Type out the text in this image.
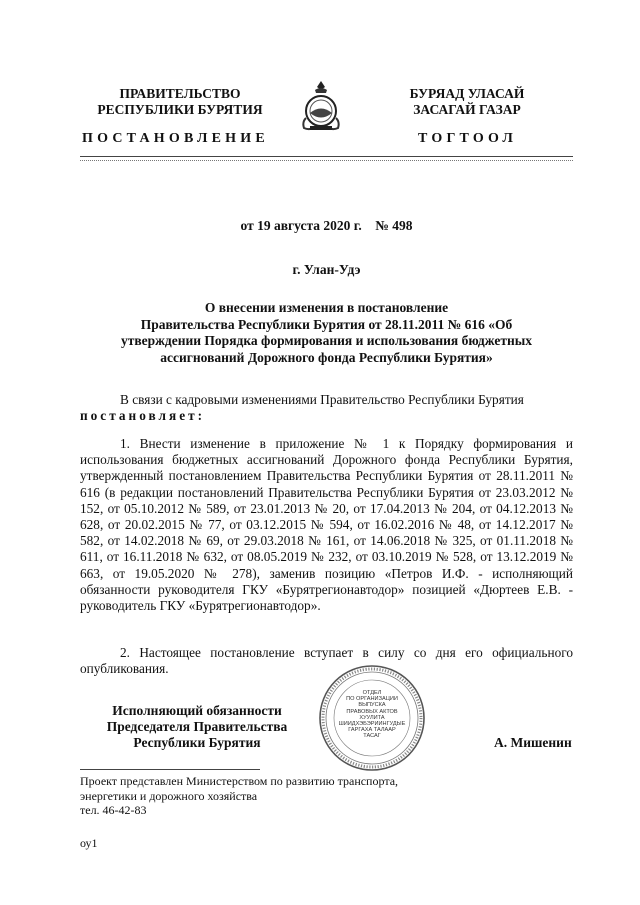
ПРАВИТЕЛЬСТВО
РЕСПУБЛИКИ БУРЯТИЯ
БУРЯАД УЛАСАЙ
ЗАСАГАЙ ГАЗАР
ПОСТАНОВЛЕНИЕ	ТОГТООЛ
от 19 августа 2020 г.    № 498
г. Улан-Удэ
О внесении изменения в постановление
Правительства Республики Бурятия от 28.11.2011 № 616 «Об
утверждении Порядка формирования и использования бюджетных
ассигнований Дорожного фонда Республики Бурятия»
В связи с кадровыми изменениями Правительство Республики Бурятия
постановляет:
1. Внести изменение в приложение № 1 к Порядку формирования и использования бюджетных ассигнований Дорожного фонда Республики Бурятия, утвержденный постановлением Правительства Республики Бурятия от 28.11.2011 № 616 (в редакции постановлений Правительства Республики Бурятия от 23.03.2012 № 152, от 05.10.2012 № 589, от 23.01.2013 № 20, от 17.04.2013 № 204, от 04.12.2013 № 628, от 20.02.2015 № 77, от 03.12.2015 № 594, от 16.02.2016 № 48, от 14.12.2017 № 582, от 14.02.2018 № 69, от 29.03.2018 № 161, от 14.06.2018 № 325, от 01.11.2018 № 611, от 16.11.2018 № 632, от 08.05.2019 № 232, от 03.10.2019 № 528, от 13.12.2019 № 663, от 19.05.2020 № 278), заменив позицию «Петров И.Ф. - исполняющий обязанности руководителя ГКУ «Бурятрегионавтодор» позицией «Дюртеев Е.В. - руководитель ГКУ «Бурятрегионавтодор».
2. Настоящее постановление вступает в силу со дня его официального опубликования.
Исполняющий обязанности
Председателя Правительства
Республики Бурятия
ОТДЕЛ
ПО ОРГАНИЗАЦИИ
ВЫПУСКА
ПРАВОВЫХ АКТОВ
ХУУЛИТА
ШИИДХЭБЭРИИНГУДЫЕ
ГАРГАХА ТАЛААР
ТАСАГ	А. Мишенин
Проект представлен Министерством по развитию транспорта,
энергетики и дорожного хозяйства
тел. 46-42-83
оу1
